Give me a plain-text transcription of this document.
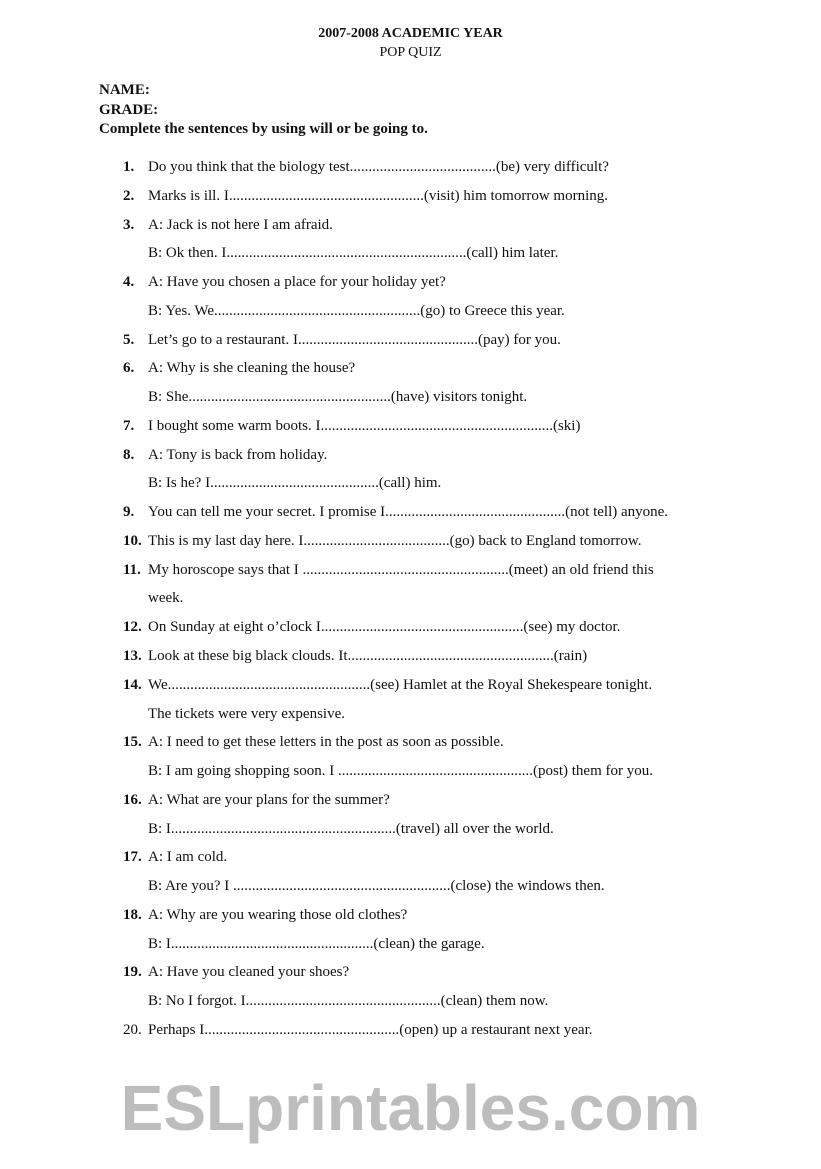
2007-2008 ACADEMIC YEAR
POP QUIZ
NAME:
GRADE:
Complete the sentences by using will or be going to.
1. Do you think that the biology test.......................................(be) very difficult?
2. Marks is ill. I....................................................(visit) him tomorrow morning.
3. A: Jack is not here I am afraid.
B: Ok then. I................................................................(call) him later.
4. A: Have you chosen a place for your holiday yet?
B: Yes. We.......................................................(go) to Greece this year.
5. Let’s go to a restaurant. I................................................(pay) for you.
6. A: Why is she cleaning the house?
B: She......................................................(have) visitors tonight.
7. I bought some warm boots. I..............................................................(ski)
8. A: Tony is back from holiday.
B: Is he? I.............................................(call) him.
9. You can tell me your secret. I promise I................................................(not tell) anyone.
10. This is my last day here. I.......................................(go) back to England tomorrow.
11. My horoscope says that I .......................................................(meet) an old friend this
week.
12. On Sunday at eight o’clock I......................................................(see) my doctor.
13. Look at these big black clouds. It.......................................................(rain)
14. We......................................................(see) Hamlet at the Royal Shekespeare tonight.
The tickets were very expensive.
15. A: I need to get these letters in the post as soon as possible.
B: I am going shopping soon. I ....................................................(post) them for you.
16. A: What are your plans for the summer?
B: I............................................................(travel) all over the world.
17. A: I am cold.
B: Are you? I ..........................................................(close) the windows then.
18. A: Why are you wearing those old clothes?
B: I......................................................(clean) the garage.
19. A: Have you cleaned your shoes?
B: No I forgot. I....................................................(clean) them now.
20. Perhaps I....................................................(open) up a restaurant next year.
ESLprintables.com
